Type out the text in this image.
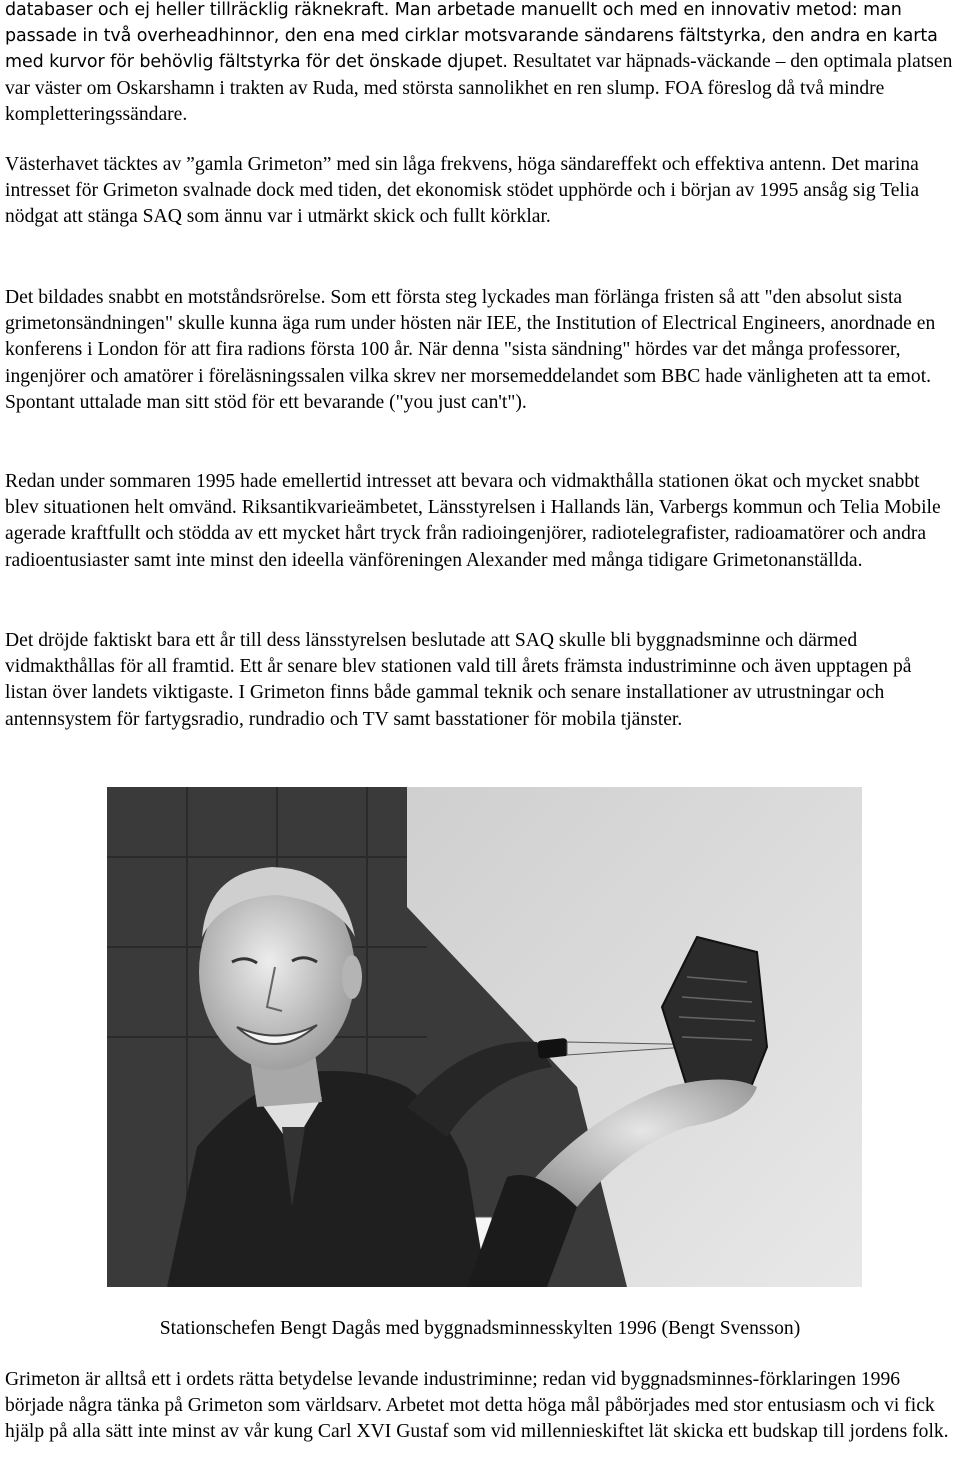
databaser och ej heller tillräcklig räknekraft. Man arbetade manuellt och med en innovativ metod: man passade in två overheadhinnor, den ena med cirklar motsvarande sändarens fältstyrka, den andra en karta med kurvor för behövlig fältstyrka för det önskade djupet. Resultatet var häpnads-väckande – den optimala platsen var väster om Oskarshamn i trakten av Ruda, med största sannolikhet en ren slump. FOA föreslog då två mindre kompletteringssändare.

Västerhavet täcktes av ”gamla Grimeton” med sin låga frekvens, höga sändareffekt och effektiva antenn. Det marina intresset för Grimeton svalnade dock med tiden, det ekonomisk stödet upphörde och i början av 1995 ansåg sig Telia nödgat att stänga SAQ som ännu var i utmärkt skick och fullt körklar.

Det bildades snabbt en motståndsrörelse. Som ett första steg lyckades man förlänga fristen så att "den absolut sista grimetonsändningen" skulle kunna äga rum under hösten när IEE, the Institution of Electrical Engineers, anordnade en konferens i London för att fira radions första 100 år. När denna "sista sändning" hördes var det många professorer, ingenjörer och amatörer i föreläsningssalen vilka skrev ner morsemeddelandet som BBC hade vänligheten att ta emot. Spontant uttalade man sitt stöd för ett bevarande ("you just can't").

Redan under sommaren 1995 hade emellertid intresset att bevara och vidmakthålla stationen ökat och mycket snabbt blev situationen helt omvänd. Riksantikvarieämbetet, Länsstyrelsen i Hallands län, Varbergs kommun och Telia Mobile agerade kraftfullt och stödda av ett mycket hårt tryck från radioingenjörer, radiotelegrafister, radioamatörer och andra radioentusiaster samt inte minst den ideella vänföreningen Alexander med många tidigare Grimetonanställda.

Det dröjde faktiskt bara ett år till dess länsstyrelsen beslutade att SAQ skulle bli byggnadsminne och därmed vidmakthållas för all framtid. Ett år senare blev stationen vald till årets främsta industriminne och även upptagen på listan över landets viktigaste. I Grimeton finns både gammal teknik och senare installationer av utrustningar och antennsystem för fartygsradio, rundradio och TV samt basstationer för mobila tjänster.

Stationschefen Bengt Dagås med byggnadsminnesskylten 1996 (Bengt Svensson)

Grimeton är alltså ett i ordets rätta betydelse levande industriminne; redan vid byggnadsminnes-förklaringen 1996 började några tänka på Grimeton som världsarv. Arbetet mot detta höga mål påbörjades med stor entusiasm och vi fick hjälp på alla sätt inte minst av vår kung Carl XVI Gustaf som vid millennieskiftet lät skicka ett budskap till jordens folk.
